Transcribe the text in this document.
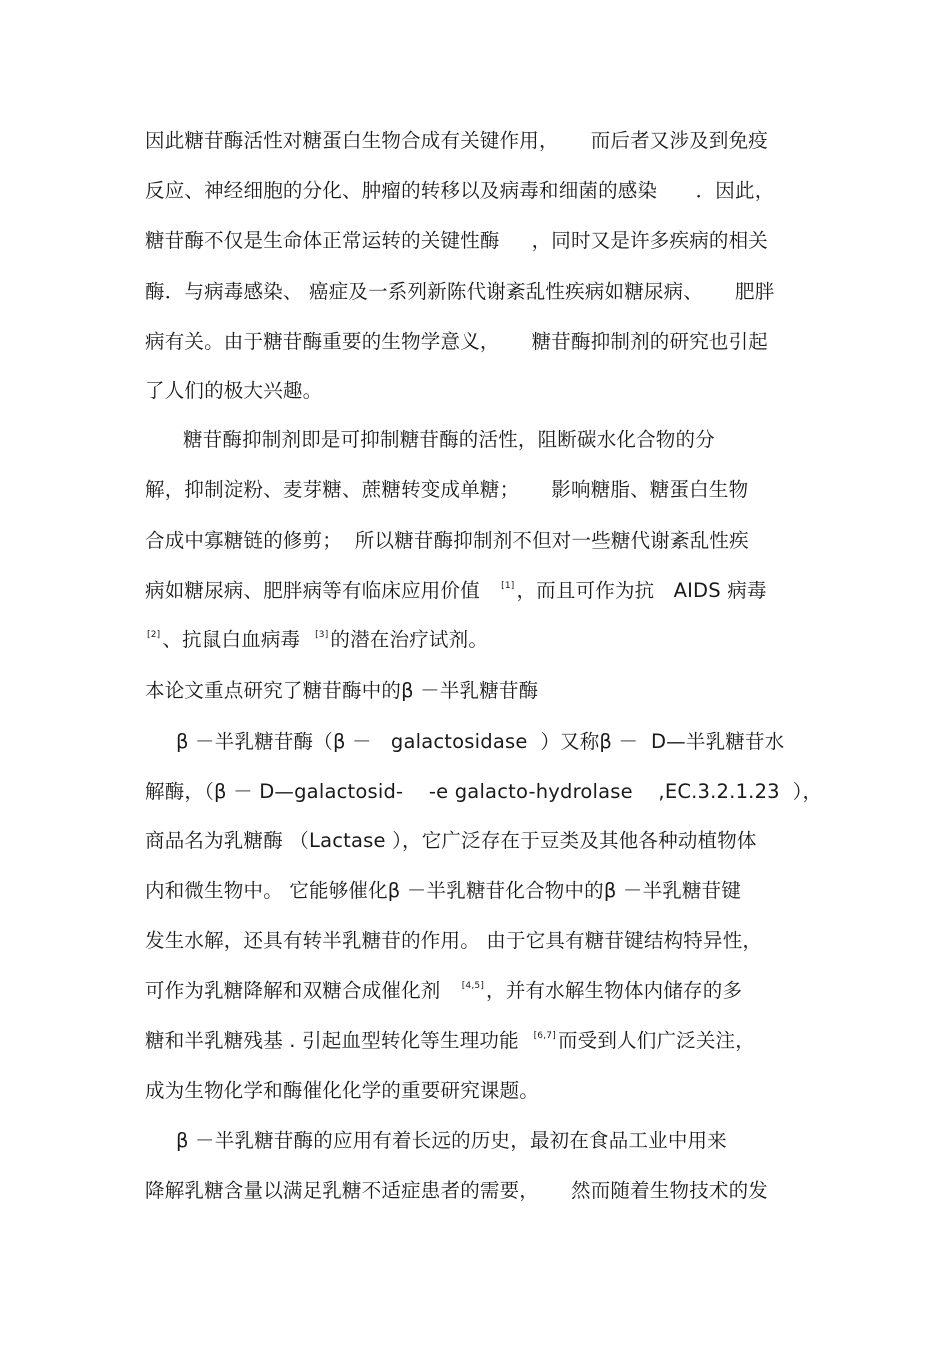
因此糖苷酶活性对糖蛋白生物合成有关键作用，     而后者又涉及到免疫
反应、神经细胞的分化、肿瘤的转移以及病毒和细菌的感染      ．因此，
糖苷酶不仅是生命体正常运转的关键性酶     ，同时又是许多疾病的相关
酶．与病毒感染、 癌症及一系列新陈代谢紊乱性疾病如糖尿病、     肥胖
病有关。由于糖苷酶重要的生物学意义，     糖苷酶抑制剂的研究也引起
了人们的极大兴趣。
糖苷酶抑制剂即是可抑制糖苷酶的活性，阻断碳水化合物的分
解，抑制淀粉、麦芽糖、蔗糖转变成单糖；     影响糖脂、糖蛋白生物
合成中寡糖链的修剪；  所以糖苷酶抑制剂不但对一些糖代谢紊乱性疾
病如糖尿病、肥胖病等有临床应用价值   [1] ，而且可作为抗   AIDS 病毒
[2] 、抗鼠白血病毒  [3] 的潜在治疗试剂。
本论文重点研究了糖苷酶中的β －半乳糖苷酶
β －半乳糖苷酶（β －   galactosidase  ）又称β －  D—半乳糖苷水
解酶，（β － D—galactosid-    -e galacto-hydrolase    ,EC.3.2.1.23  ），
商品名为乳糖酶 （Lactase ），它广泛存在于豆类及其他各种动植物体
内和微生物中。 它能够催化β －半乳糖苷化合物中的β －半乳糖苷键
发生水解，还具有转半乳糖苷的作用。 由于它具有糖苷键结构特异性，
可作为乳糖降解和双糖合成催化剂   [4,5] ，并有水解生物体内储存的多
糖和半乳糖残基 . 引起血型转化等生理功能  [6,7] 而受到人们广泛关注，
成为生物化学和酶催化化学的重要研究课题。
β －半乳糖苷酶的应用有着长远的历史，最初在食品工业中用来
降解乳糖含量以满足乳糖不适症患者的需要，     然而随着生物技术的发
